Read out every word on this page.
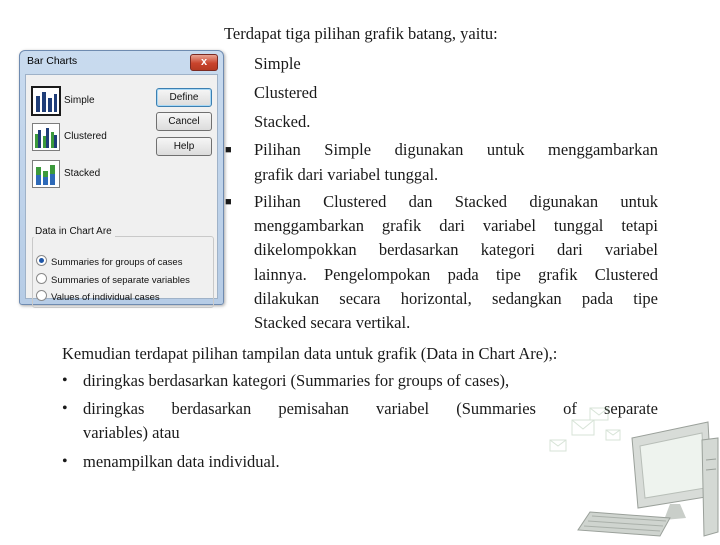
Bar Charts	x
Simple
Clustered
Stacked
Define
Cancel
Help
Data in Chart Are
Summaries for groups of cases
Summaries of separate variables
Values of individual cases
Terdapat tiga pilihan grafik batang, yaitu:
Simple
Clustered
Stacked.
■ Pilihan Simple digunakan untuk menggambarkan
grafik dari variabel tunggal.
■ Pilihan Clustered dan Stacked digunakan untuk
menggambarkan grafik dari variabel tunggal tetapi
dikelompokkan berdasarkan kategori dari variabel
lainnya. Pengelompokan pada tipe grafik Clustered
dilakukan secara horizontal, sedangkan pada tipe
Stacked secara vertikal.
Kemudian terdapat pilihan tampilan data untuk grafik (Data in Chart Are),:
• diringkas berdasarkan kategori (Summaries for groups of cases),
• diringkas berdasarkan pemisahan variabel (Summaries of separate
variables) atau
• menampilkan data individual.
